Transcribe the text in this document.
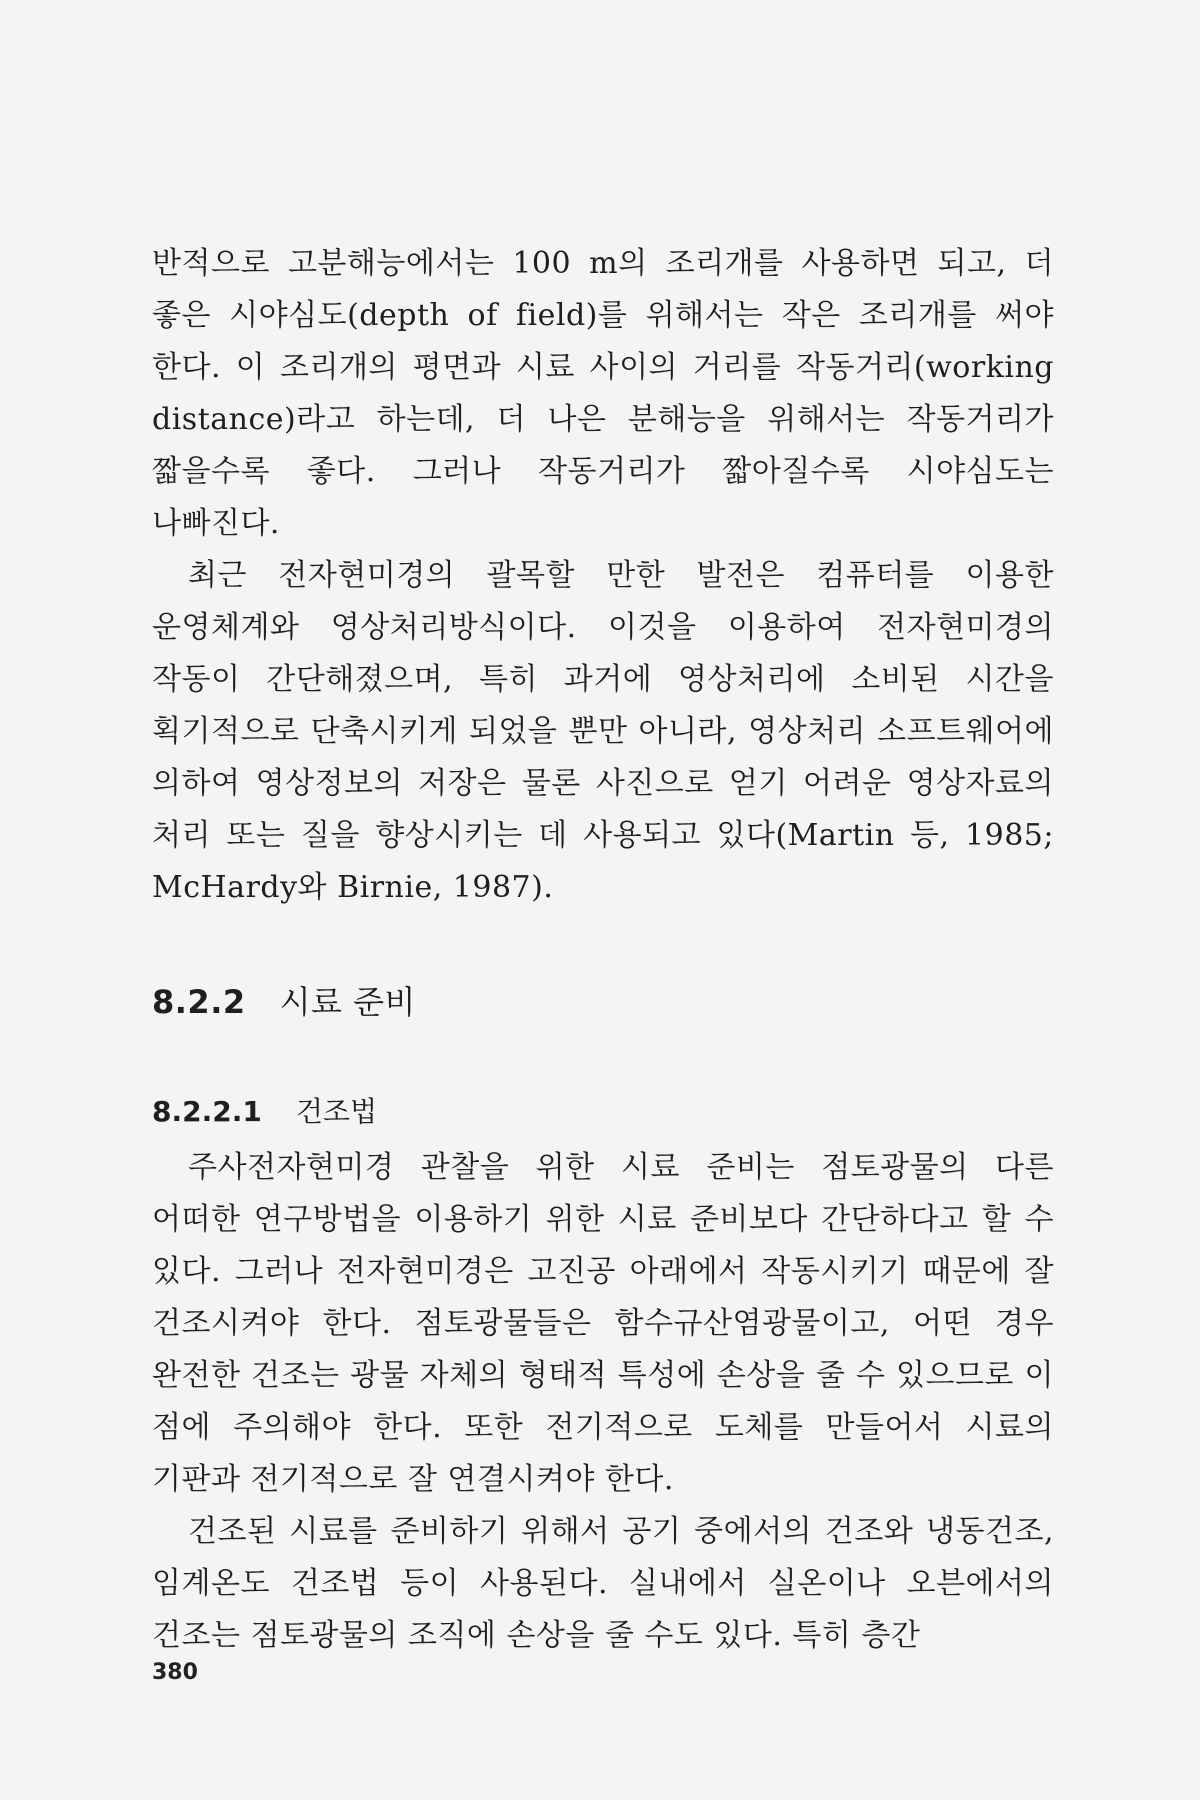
반적으로 고분해능에서는 100 m의 조리개를 사용하면 되고, 더 좋은 시야심도(depth of field)를 위해서는 작은 조리개를 써야 한다. 이 조리개의 평면과 시료 사이의 거리를 작동거리(working distance)라고 하는데, 더 나은 분해능을 위해서는 작동거리가 짧을수록 좋다. 그러나 작동거리가 짧아질수록 시야심도는 나빠진다.

최근 전자현미경의 괄목할 만한 발전은 컴퓨터를 이용한 운영체계와 영상처리방식이다. 이것을 이용하여 전자현미경의 작동이 간단해졌으며, 특히 과거에 영상처리에 소비된 시간을 획기적으로 단축시키게 되었을 뿐만 아니라, 영상처리 소프트웨어에 의하여 영상정보의 저장은 물론 사진으로 얻기 어려운 영상자료의 처리 또는 질을 향상시키는 데 사용되고 있다(Martin 등, 1985; McHardy와 Birnie, 1987).

8.2.2 시료 준비
8.2.2.1 건조법

주사전자현미경 관찰을 위한 시료 준비는 점토광물의 다른 어떠한 연구방법을 이용하기 위한 시료 준비보다 간단하다고 할 수 있다. 그러나 전자현미경은 고진공 아래에서 작동시키기 때문에 잘 건조시켜야 한다. 점토광물들은 함수규산염광물이고, 어떤 경우 완전한 건조는 광물 자체의 형태적 특성에 손상을 줄 수 있으므로 이 점에 주의해야 한다. 또한 전기적으로 도체를 만들어서 시료의 기판과 전기적으로 잘 연결시켜야 한다.

건조된 시료를 준비하기 위해서 공기 중에서의 건조와 냉동건조, 임계온도 건조법 등이 사용된다. 실내에서 실온이나 오븐에서의 건조는 점토광물의 조직에 손상을 줄 수도 있다. 특히 층간

380
